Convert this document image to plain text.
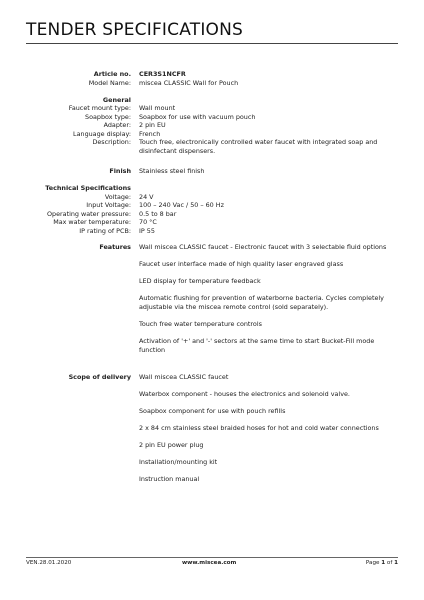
TENDER SPECIFICATIONS
Article no. CER3S1NCFR
Model Name: miscea CLASSIC Wall for Pouch
General
Faucet mount type: Wall mount
Soapbox type: Soapbox for use with vacuum pouch
Adapter: 2 pin EU
Language display: French
Description: Touch free, electronically controlled water faucet with integrated soap and disinfectant dispensers.
Finish Stainless steel finish
Technical Specifications
Voltage: 24 V
Input Voltage: 100 – 240 Vac / 50 – 60 Hz
Operating water pressure: 0.5 to 8 bar
Max water temperature: 70 °C
IP rating of PCB: IP 55
Features Wall miscea CLASSIC faucet - Electronic faucet with 3 selectable fluid options
Faucet user interface made of high quality laser engraved glass
LED display for temperature feedback
Automatic flushing for prevention of waterborne bacteria. Cycles completely adjustable via the miscea remote control (sold separately).
Touch free water temperature controls
Activation of '+' and '-' sectors at the same time to start Bucket-Fill mode function
Scope of delivery Wall miscea CLASSIC faucet
Waterbox component - houses the electronics and solenoid valve.
Soapbox component for use with pouch refills
2 x 84 cm stainless steel braided hoses for hot and cold water connections
2 pin EU power plug
Installation/mounting kit
Instruction manual
VEN.28.01.2020	www.miscea.com	Page 1 of 1
